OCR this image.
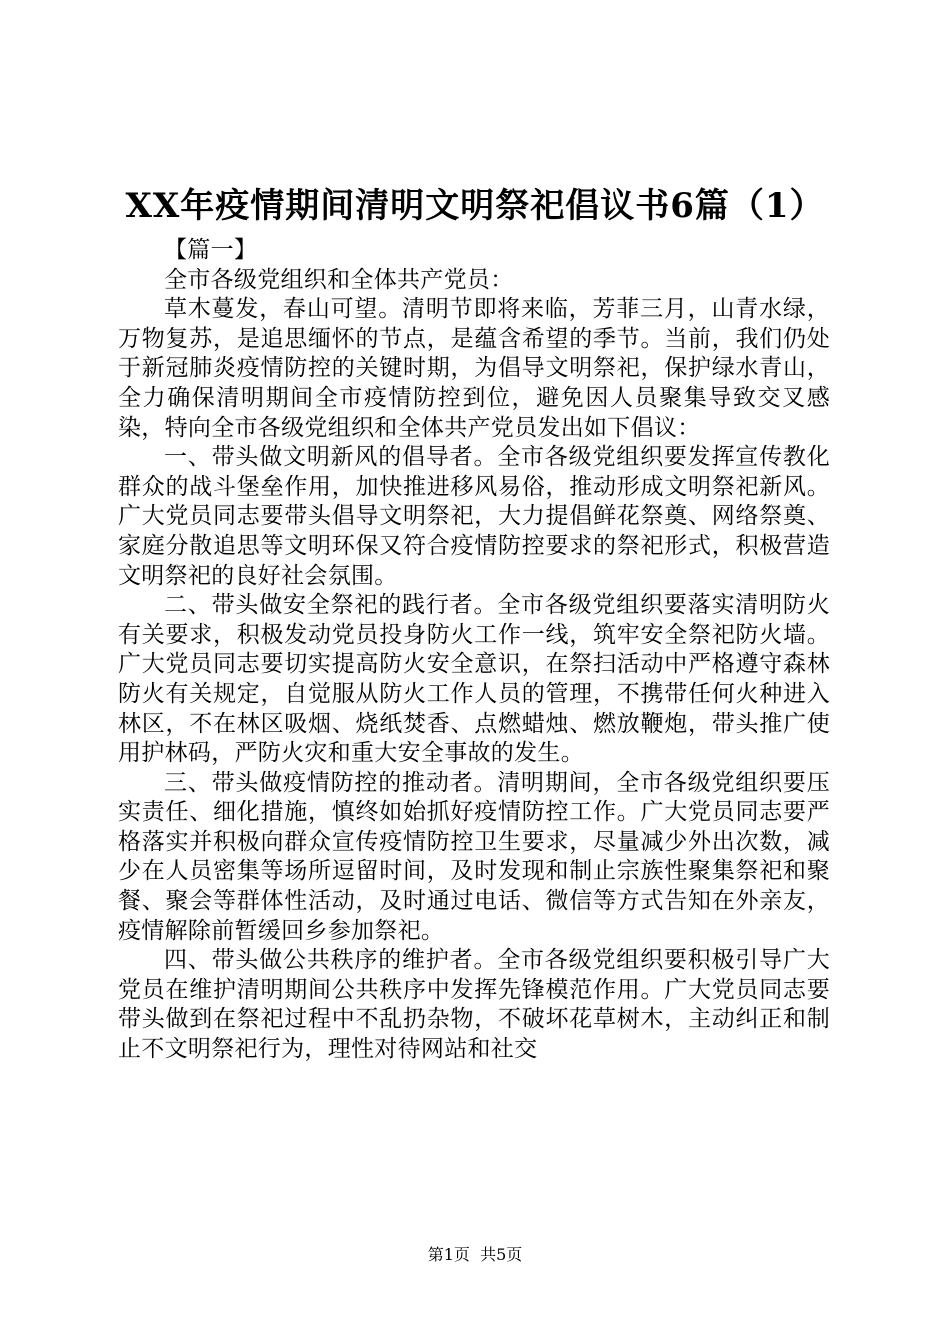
XX年疫情期间清明文明祭祀倡议书6篇（1）

【篇一】

全市各级党组织和全体共产党员：

草木蔓发，春山可望。清明节即将来临，芳菲三月，山青水绿，万物复苏，是追思缅怀的节点，是蕴含希望的季节。当前，我们仍处于新冠肺炎疫情防控的关键时期，为倡导文明祭祀，保护绿水青山，全力确保清明期间全市疫情防控到位，避免因人员聚集导致交叉感染，特向全市各级党组织和全体共产党员发出如下倡议：

一、带头做文明新风的倡导者。全市各级党组织要发挥宣传教化群众的战斗堡垒作用，加快推进移风易俗，推动形成文明祭祀新风。广大党员同志要带头倡导文明祭祀，大力提倡鲜花祭奠、网络祭奠、家庭分散追思等文明环保又符合疫情防控要求的祭祀形式，积极营造文明祭祀的良好社会氛围。

二、带头做安全祭祀的践行者。全市各级党组织要落实清明防火有关要求，积极发动党员投身防火工作一线，筑牢安全祭祀防火墙。广大党员同志要切实提高防火安全意识，在祭扫活动中严格遵守森林防火有关规定，自觉服从防火工作人员的管理，不携带任何火种进入林区，不在林区吸烟、烧纸焚香、点燃蜡烛、燃放鞭炮，带头推广使用护林码，严防火灾和重大安全事故的发生。

三、带头做疫情防控的推动者。清明期间，全市各级党组织要压实责任、细化措施，慎终如始抓好疫情防控工作。广大党员同志要严格落实并积极向群众宣传疫情防控卫生要求，尽量减少外出次数，减少在人员密集等场所逗留时间，及时发现和制止宗族性聚集祭祀和聚餐、聚会等群体性活动，及时通过电话、微信等方式告知在外亲友，疫情解除前暂缓回乡参加祭祀。

四、带头做公共秩序的维护者。全市各级党组织要积极引导广大党员在维护清明期间公共秩序中发挥先锋模范作用。广大党员同志要带头做到在祭祀过程中不乱扔杂物，不破坏花草树木，主动纠正和制止不文明祭祀行为，理性对待网站和社交

第1页 共5页
